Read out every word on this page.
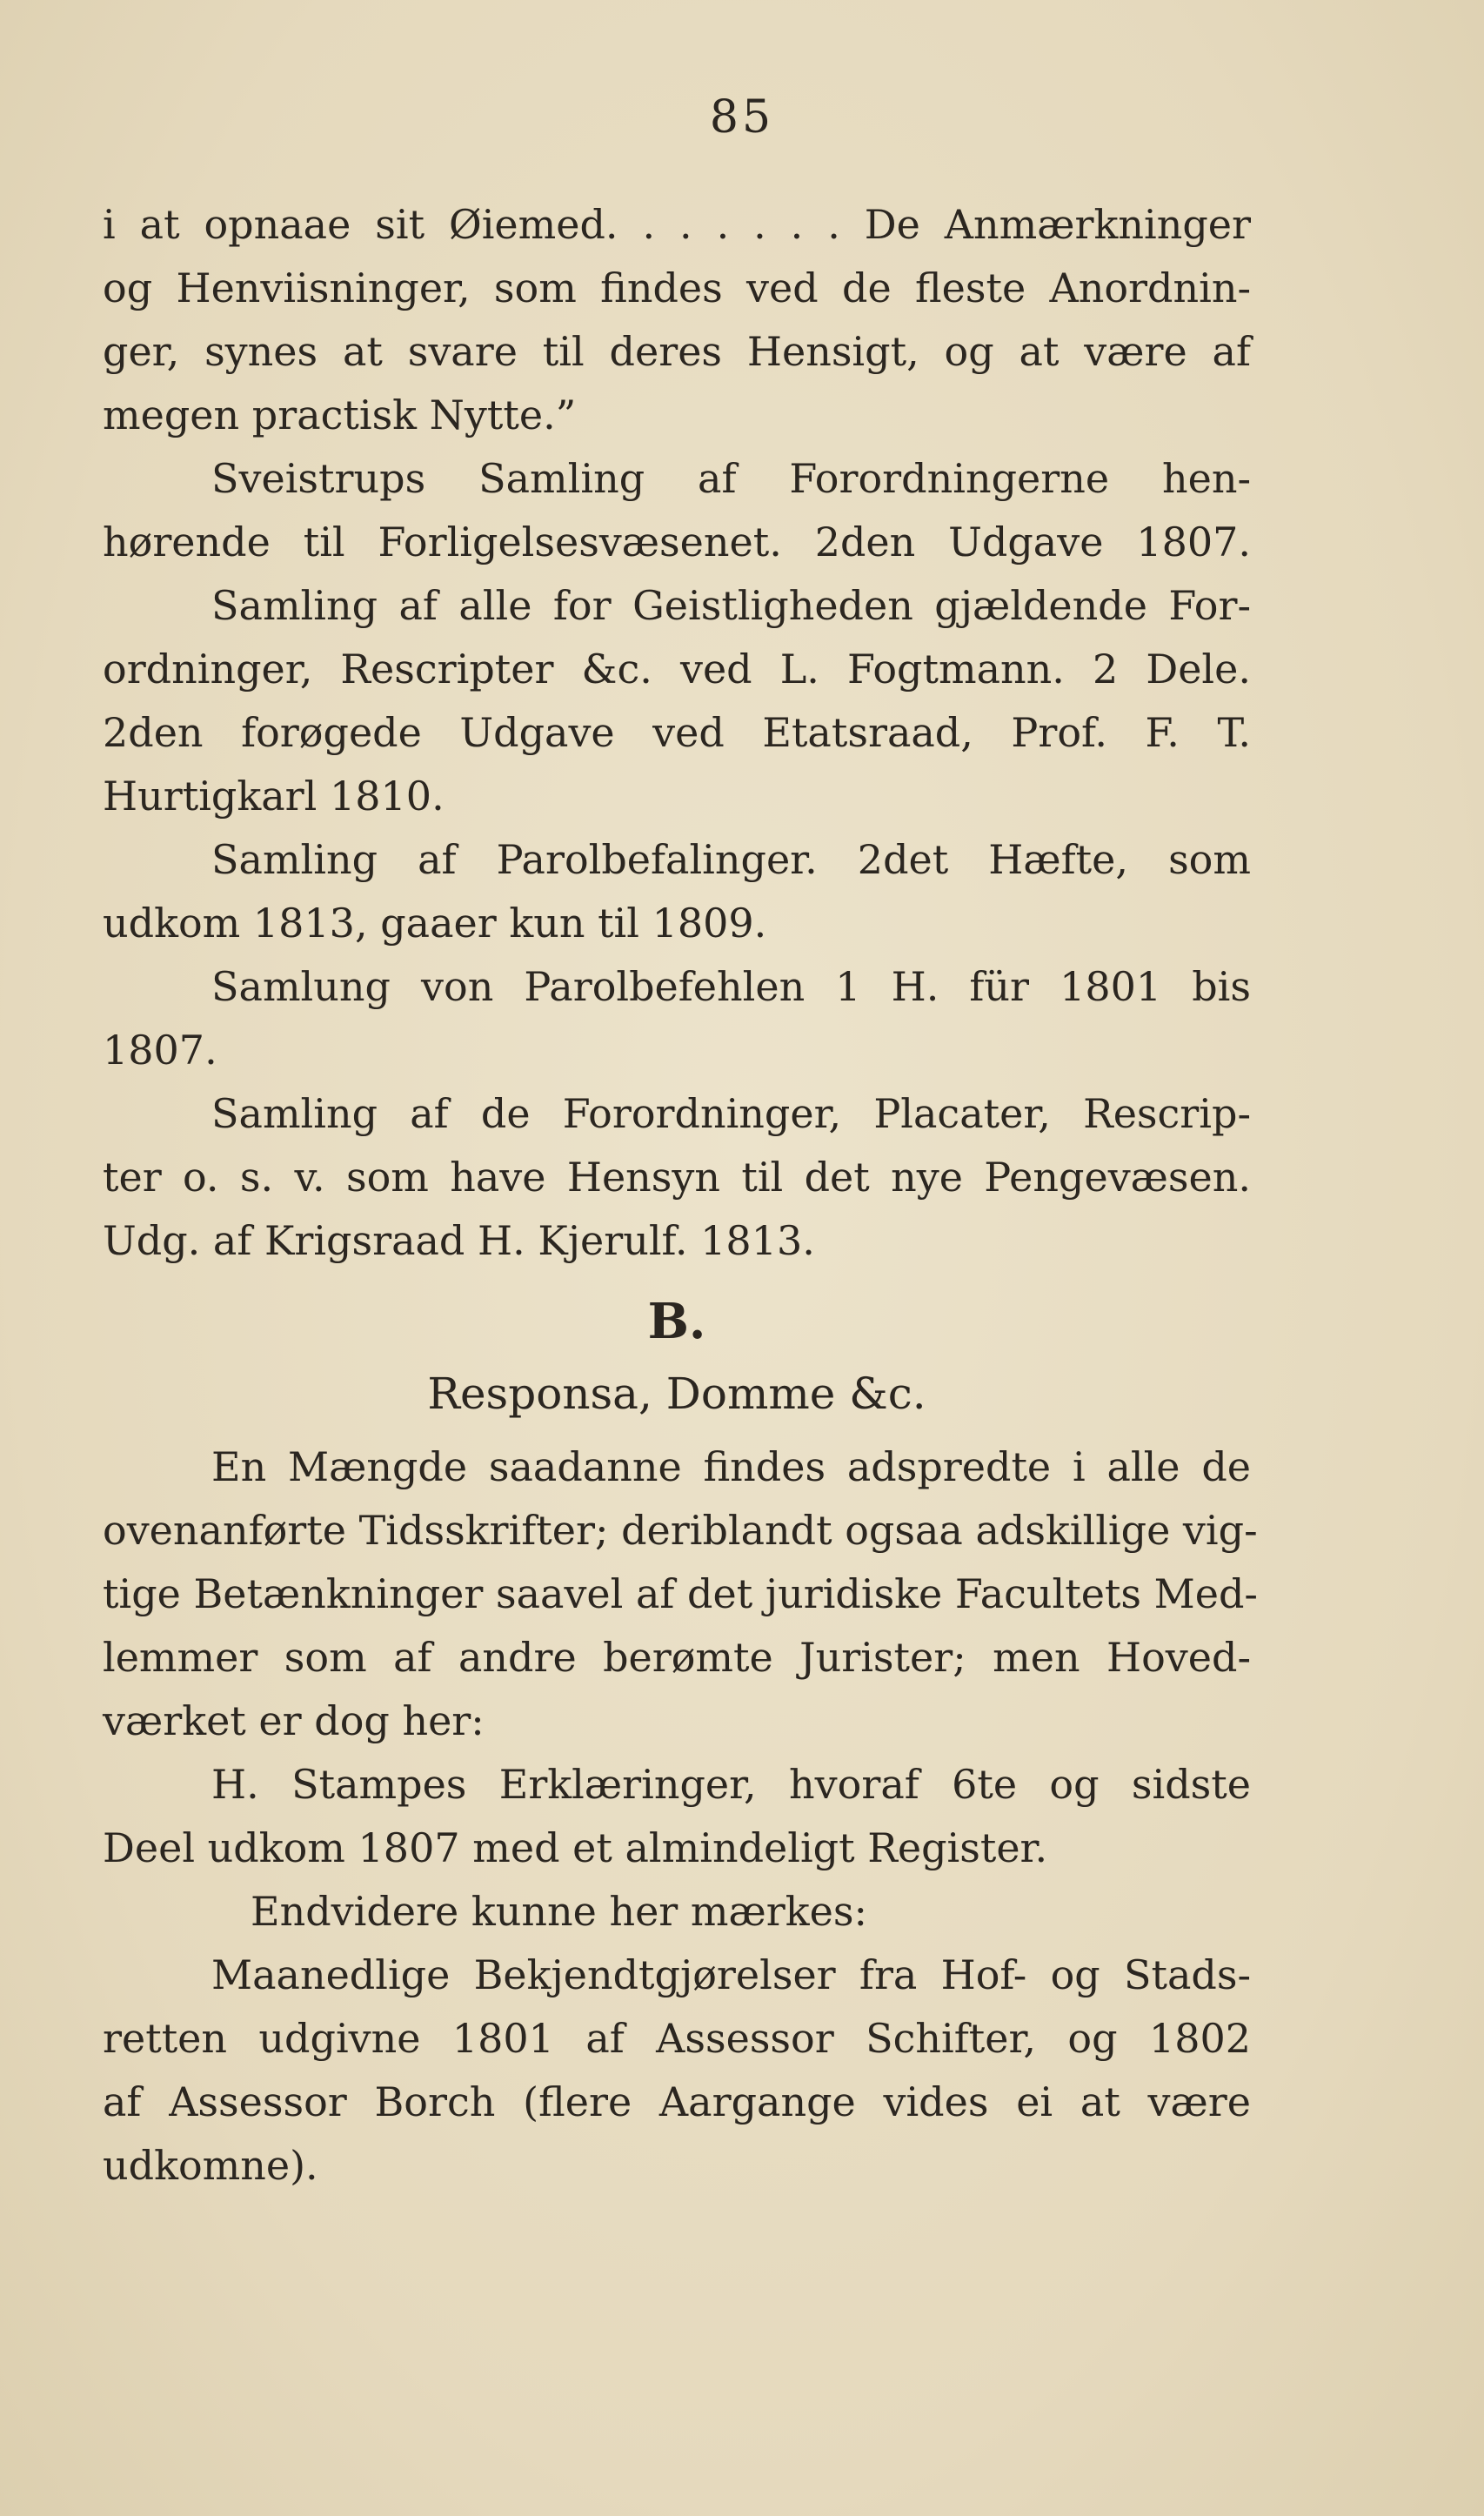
85
i at opnaae sit Øiemed. . . . . . . De Anmærkninger
og Henviisninger, som findes ved de fleste Anordnin-
ger, synes at svare til deres Hensigt, og at være af
megen practisk Nytte.”
Sveistrups Samling af Forordningerne hen-
hørende til Forligelsesvæsenet. 2den Udgave 1807.
Samling af alle for Geistligheden gjældende For-
ordninger, Rescripter &c. ved L. Fogtmann. 2 Dele.
2den forøgede Udgave ved Etatsraad, Prof. F. T.
Hurtigkarl 1810.
Samling af Parolbefalinger. 2det Hæfte, som
udkom 1813, gaaer kun til 1809.
Samlung von Parolbefehlen 1 H. für 1801 bis
1807.
Samling af de Forordninger, Placater, Rescrip-
ter o. s. v. som have Hensyn til det nye Pengevæsen.
Udg. af Krigsraad H. Kjerulf. 1813.
B.
Responsa, Domme &c.
En Mængde saadanne findes adspredte i alle de
ovenanførte Tidsskrifter; deriblandt ogsaa adskillige vig-
tige Betænkninger saavel af det juridiske Facultets Med-
lemmer som af andre berømte Jurister; men Hoved-
værket er dog her:
H. Stampes Erklæringer, hvoraf 6te og sidste
Deel udkom 1807 med et almindeligt Register.
Endvidere kunne her mærkes:
Maanedlige Bekjendtgjørelser fra Hof- og Stads-
retten udgivne 1801 af Assessor Schifter, og 1802
af Assessor Borch (flere Aargange vides ei at være
udkomne).
